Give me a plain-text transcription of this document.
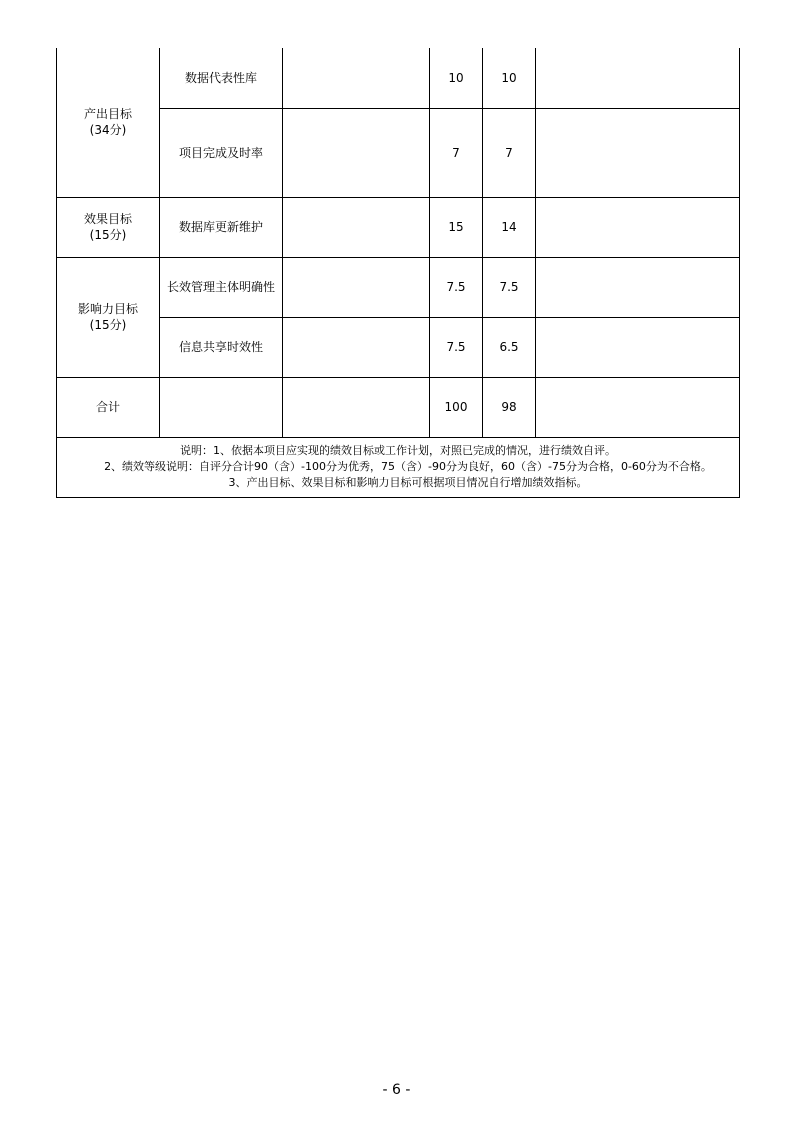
产出目标
(34分)	数据代表性库		10	10	
	项目完成及时率		7	7	

效果目标
(15分)	数据库更新维护		15	14	

影响力目标
(15分)	长效管理主体明确性		7.5	7.5	
	信息共享时效性		7.5	6.5	
合计			100	98	

说明：1、依据本项目应实现的绩效目标或工作计划，对照已完成的情况，进行绩效自评。
2、绩效等级说明：自评分合计90（含）-100分为优秀，75（含）-90分为良好，60（含）-75分为合格，0-60分为不合格。
3、产出目标、效果目标和影响力目标可根据项目情况自行增加绩效指标。					
- 6 -
